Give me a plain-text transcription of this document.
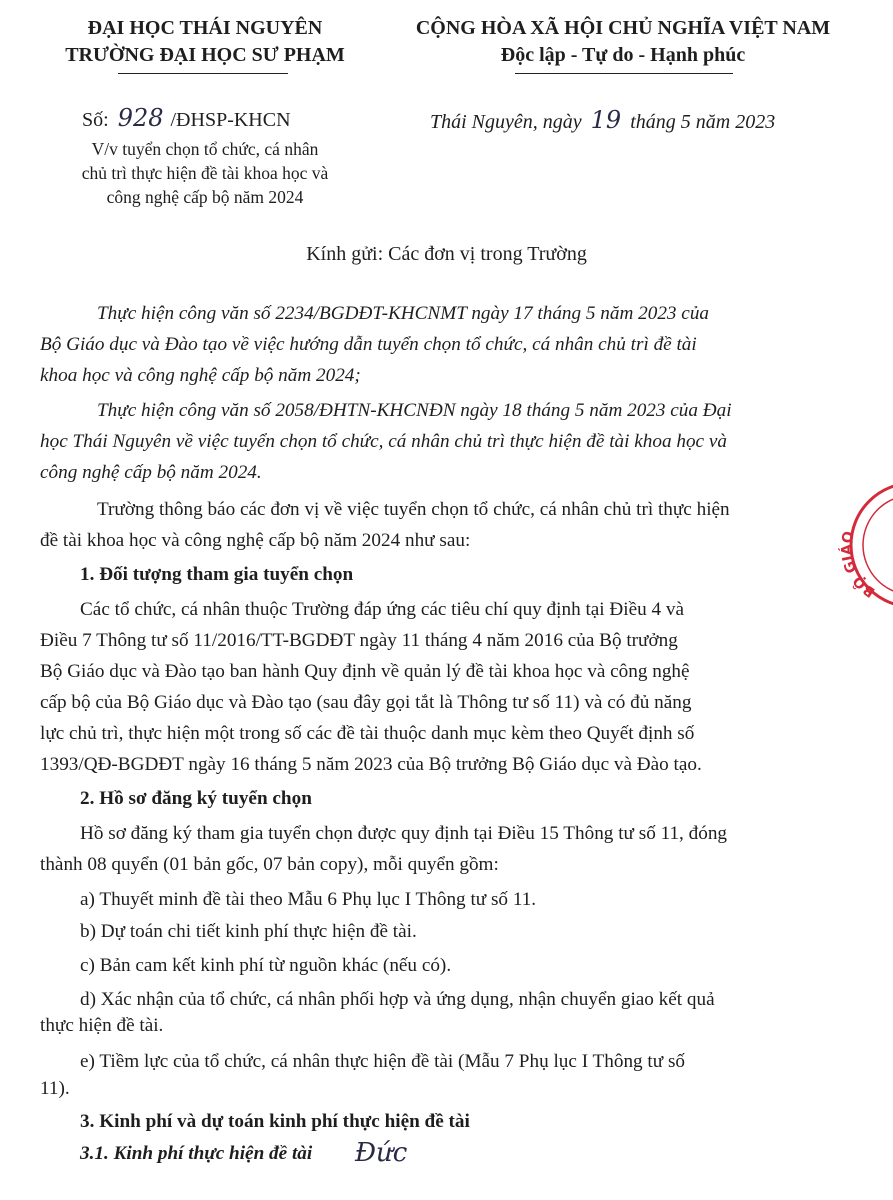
ĐẠI HỌC THÁI NGUYÊN
TRƯỜNG ĐẠI HỌC SƯ PHẠM
CỘNG HÒA XÃ HỘI CHỦ NGHĨA VIỆT NAM
Độc lập - Tự do - Hạnh phúc
Số: 928 /ĐHSP-KHCN	Thái Nguyên, ngày 19 tháng 5 năm 2023
V/v tuyển chọn tổ chức, cá nhân
chủ trì thực hiện đề tài khoa học và
công nghệ cấp bộ năm 2024
Kính gửi: Các đơn vị trong Trường
Thực hiện công văn số 2234/BGDĐT-KHCNMT ngày 17 tháng 5 năm 2023 của
Bộ Giáo dục và Đào tạo về việc hướng dẫn tuyển chọn tổ chức, cá nhân chủ trì đề tài
khoa học và công nghệ cấp bộ năm 2024;
Thực hiện công văn số 2058/ĐHTN-KHCNĐN ngày 18 tháng 5 năm 2023 của Đại
học Thái Nguyên về việc tuyển chọn tổ chức, cá nhân chủ trì thực hiện đề tài khoa học và
công nghệ cấp bộ năm 2024.
Trường thông báo các đơn vị về việc tuyển chọn tổ chức, cá nhân chủ trì thực hiện
đề tài khoa học và công nghệ cấp bộ năm 2024 như sau:
1. Đối tượng tham gia tuyển chọn
Các tổ chức, cá nhân thuộc Trường đáp ứng các tiêu chí quy định tại Điều 4 và
Điều 7 Thông tư số 11/2016/TT-BGDĐT ngày 11 tháng 4 năm 2016 của Bộ trưởng
Bộ Giáo dục và Đào tạo ban hành Quy định về quản lý đề tài khoa học và công nghệ
cấp bộ của Bộ Giáo dục và Đào tạo (sau đây gọi tắt là Thông tư số 11) và có đủ năng
lực chủ trì, thực hiện một trong số các đề tài thuộc danh mục kèm theo Quyết định số
1393/QĐ-BGDĐT ngày 16 tháng 5 năm 2023 của Bộ trưởng Bộ Giáo dục và Đào tạo.
2. Hồ sơ đăng ký tuyển chọn
Hồ sơ đăng ký tham gia tuyển chọn được quy định tại Điều 15 Thông tư số 11, đóng
thành 08 quyển (01 bản gốc, 07 bản copy), mỗi quyển gồm:
a) Thuyết minh đề tài theo Mẫu 6 Phụ lục I Thông tư số 11.
b) Dự toán chi tiết kinh phí thực hiện đề tài.
c) Bản cam kết kinh phí từ nguồn khác (nếu có).
d) Xác nhận của tổ chức, cá nhân phối hợp và ứng dụng, nhận chuyển giao kết quả
thực hiện đề tài.
e) Tiềm lực của tổ chức, cá nhân thực hiện đề tài (Mẫu 7 Phụ lục I Thông tư số
11).
3. Kinh phí và dự toán kinh phí thực hiện đề tài
3.1. Kinh phí thực hiện đề tài Đức
BỘ GIÁO
